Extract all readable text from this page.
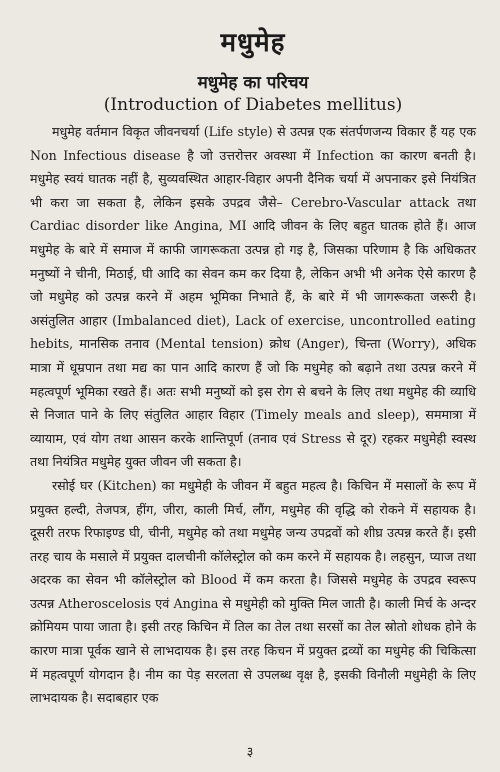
मधुमेह
मधुमेह का परिचय
(Introduction of Diabetes mellitus)

मधुमेह वर्तमान विकृत जीवनचर्या (Life style) से उत्पन्न एक संतर्पणजन्य विकार हैं यह एक Non Infectious disease है जो उत्तरोत्तर अवस्था में Infection का कारण बनती है। मधुमेह स्वयं घातक नहीं है, सुव्यवस्थित आहार-विहार अपनी दैनिक चर्या में अपनाकर इसे नियंत्रित भी करा जा सकता है, लेकिन इसके उपद्रव जैसे– Cerebro-Vascular attack तथा Cardiac disorder like Angina, MI आदि जीवन के लिए बहुत घातक होते हैं। आज मधुमेह के बारे में समाज में काफी जागरूकता उत्पन्न हो गइ है, जिसका परिणाम है कि अधिकतर मनुष्यों ने चीनी, मिठाई, घी आदि का सेवन कम कर दिया है, लेकिन अभी भी अनेक ऐसे कारण है जो मधुमेह को उत्पन्न करने में अहम भूमिका निभाते हैं, के बारे में भी जागरूकता जरूरी है। असंतुलित आहार (Imbalanced diet), Lack of exercise, uncontrolled eating hebits, मानसिक तनाव (Mental tension) क्रोध (Anger), चिन्ता (Worry), अधिक मात्रा में धूम्रपान तथा मद्य का पान आदि कारण हैं जो कि मधुमेह को बढ़ाने तथा उत्पन्न करने में महत्वपूर्ण भूमिका रखते हैं। अतः सभी मनुष्यों को इस रोग से बचने के लिए तथा मधुमेह की व्याधि से निजात पाने के लिए संतुलित आहार विहार (Timely meals and sleep), सममात्रा में व्यायाम, एवं योग तथा आसन करके शान्तिपूर्ण (तनाव एवं Stress से दूर) रहकर मधुमेही स्वस्थ तथा नियंत्रित मधुमेह युक्त जीवन जी सकता है।

रसोई घर (Kitchen) का मधुमेही के जीवन में बहुत महत्व है। किचिन में मसालों के रूप में प्रयुक्त हल्दी, तेजपत्र, हींग, जीरा, काली मिर्च, लौंग, मधुमेह की वृद्धि को रोकने में सहायक है। दूसरी तरफ रिफाइण्ड घी, चीनी, मधुमेह को तथा मधुमेह जन्य उपद्रवों को शीघ्र उत्पन्न करते हैं। इसी तरह चाय के मसाले में प्रयुक्त दालचीनी कॉलेस्ट्रोल को कम करने में सहायक है। लहसुन, प्याज तथा अदरक का सेवन भी कॉलेस्ट्रोल को Blood में कम करता है। जिससे मधुमेह के उपद्रव स्वरूप उत्पन्न Atheroscelosis एवं Angina से मधुमेही को मुक्ति मिल जाती है। काली मिर्च के अन्दर क्रोमियम पाया जाता है। इसी तरह किचिन में तिल का तेल तथा सरसों का तेल स्रोतो शोधक होने के कारण मात्रा पूर्वक खाने से लाभदायक है। इस तरह किचन में प्रयुक्त द्रव्यों का मधुमेह की चिकित्सा में महत्वपूर्ण योगदान है। नीम का पेड़ सरलता से उपलब्ध वृक्ष है, इसकी विनौली मधुमेही के लिए लाभदायक है। सदाबहार एक

३
